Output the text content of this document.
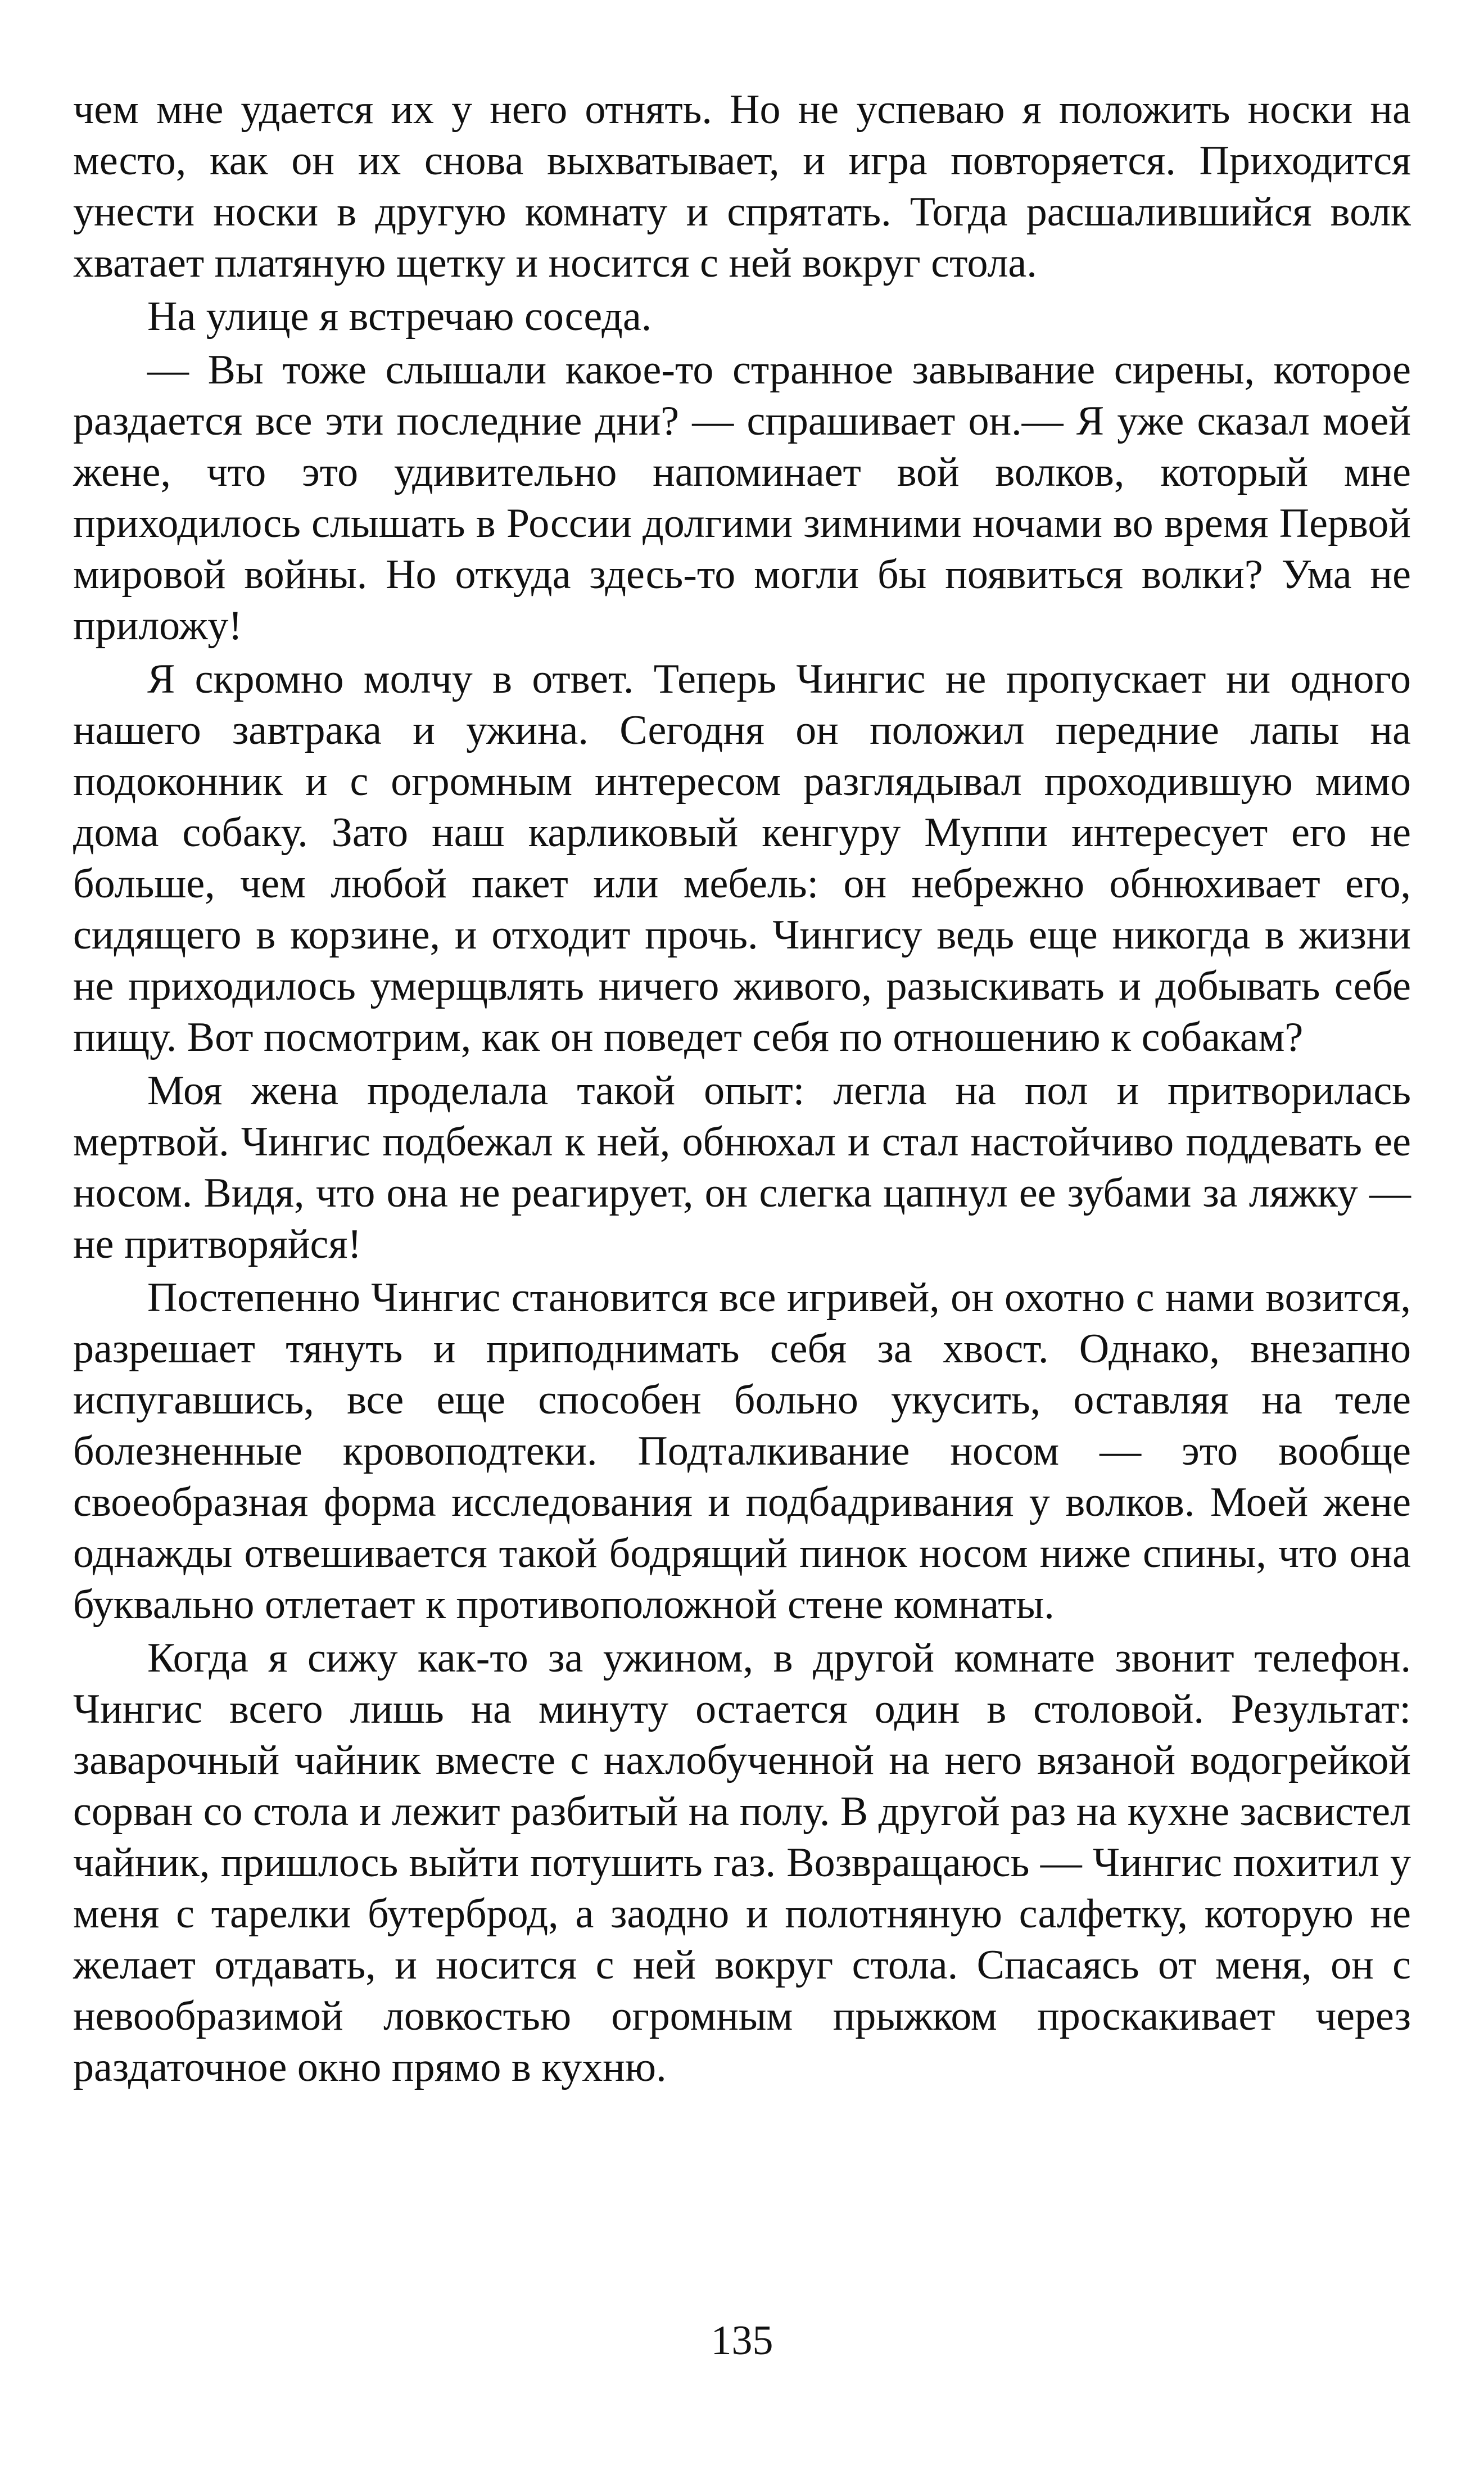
чем мне удается их у него отнять. Но не успеваю я положить носки на место, как он их снова выхватывает, и игра повторяется. Приходится унести носки в другую комнату и спрятать. Тогда расшалившийся волк хватает платяную щетку и носится с ней вокруг стола.

На улице я встречаю соседа.

— Вы тоже слышали какое-то странное завывание сирены, которое раздается все эти последние дни? — спрашивает он.— Я уже сказал моей жене, что это удивительно напоминает вой волков, который мне приходилось слышать в России долгими зимними ночами во время Первой мировой войны. Но откуда здесь-то могли бы появиться волки? Ума не приложу!

Я скромно молчу в ответ. Теперь Чингис не пропускает ни одного нашего завтрака и ужина. Сегодня он положил передние лапы на подоконник и с огромным интересом разглядывал проходившую мимо дома собаку. Зато наш карликовый кенгуру Муппи интересует его не больше, чем любой пакет или мебель: он небрежно обнюхивает его, сидящего в корзине, и отходит прочь. Чингису ведь еще никогда в жизни не приходилось умерщвлять ничего живого, разыскивать и добывать себе пищу. Вот посмотрим, как он поведет себя по отношению к собакам?

Моя жена проделала такой опыт: легла на пол и притворилась мертвой. Чингис подбежал к ней, обнюхал и стал настойчиво поддевать ее носом. Видя, что она не реагирует, он слегка цапнул ее зубами за ляжку — не притворяйся!

Постепенно Чингис становится все игривей, он охотно с нами возится, разрешает тянуть и приподнимать себя за хвост. Однако, внезапно испугавшись, все еще способен больно укусить, оставляя на теле болезненные кровоподтеки. Подталкивание носом — это вообще своеобразная форма исследования и подбадривания у волков. Моей жене однажды отвешивается такой бодрящий пинок носом ниже спины, что она буквально отлетает к противоположной стене комнаты.

Когда я сижу как-то за ужином, в другой комнате звонит телефон. Чингис всего лишь на минуту остается один в столовой. Результат: заварочный чайник вместе с нахлобученной на него вязаной водогрейкой сорван со стола и лежит разбитый на полу. В другой раз на кухне засвистел чайник, пришлось выйти потушить газ. Возвращаюсь — Чингис похитил у меня с тарелки бутерброд, а заодно и полотняную салфетку, которую не желает отдавать, и носится с ней вокруг стола. Спасаясь от меня, он с невообразимой ловкостью огромным прыжком проскакивает через раздаточное окно прямо в кухню.

135
